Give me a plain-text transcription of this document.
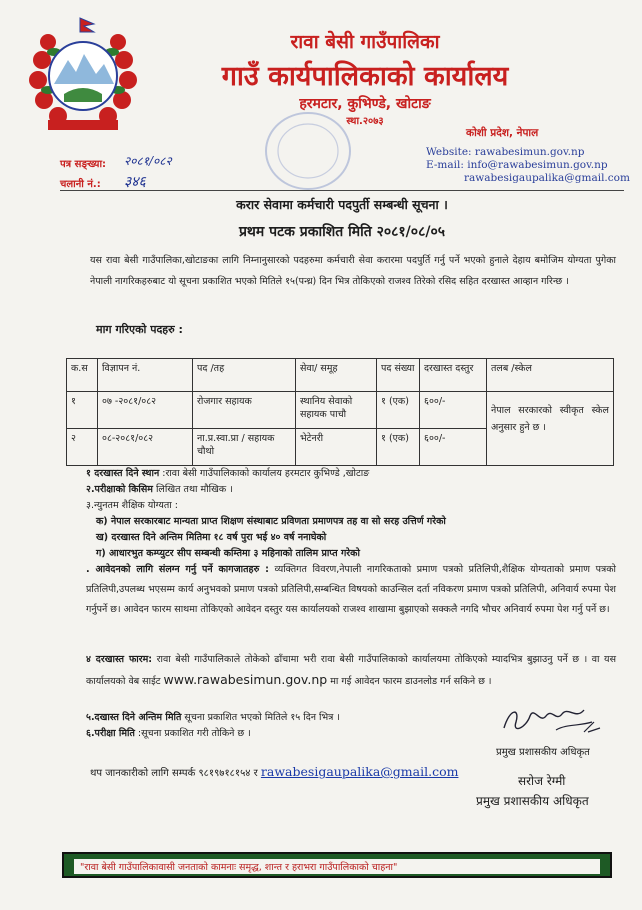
रावा बेसी गाउँपालिका
गाउँ कार्यपालिकाको कार्यालय
हरमटार, कुभिण्डे, खोटाङ
स्था.२०७३
कोशी प्रदेश, नेपाल
Website: rawabesimun.gov.np
E-mail: info@rawabesimun.gov.np
rawabesigaupalika@gmail.com
पत्र सङ्ख्या: २०८१/०८२
चलानी नं.: ३४६
करार सेवामा कर्मचारी पदपुर्ती सम्बन्धी सूचना ।
प्रथम पटक प्रकाशित मिति २०८१/०८/०५
यस रावा बेसी गाउँपालिका,खोटाङका लागि निम्नानुसारको पदहरुमा कर्मचारी सेवा करारमा पदपुर्ति गर्नु पर्ने भएको हुनाले देहाय बमोजिम योग्यता पुगेका नेपाली नागरिकहरुबाट यो सूचना प्रकाशित भएको मितिले १५(पन्ध्र) दिन भित्र तोकिएको राजश्व तिरेको रसिद सहित दरखास्त आव्हान गरिन्छ ।
माग गरिएको पदहरु :
क.स	विज्ञापन नं.	पद /तह	सेवा/ समूह	पद संख्या	दरखास्त दस्तुर	तलब /स्केल
१	०७ -२०८१/०८२	रोजगार सहायक	स्थानिय सेवाको सहायक पाचौ	१ (एक)	६००/-	नेपाल सरकारको स्वीकृत स्केल अनुसार हुने छ ।
२	०८-२०८१/०८२	ना.प्र.स्वा.प्रा / सहायक चौथो	भेटेनरी	१ (एक)	६००/-	
१ दरखास्त दिने स्थान :रावा बेसी गाउँपालिकाको कार्यालय हरमटार कुभिण्डे ,खोटाङ
२.परीक्षाको किसिम लिखित तथा मौखिक ।
३.न्युनतम शैक्षिक योग्यता :
क) नेपाल सरकारबाट मान्यता प्राप्त शिक्षण संस्थाबाट प्रविणता प्रमाणपत्र तह वा सो सरह उत्तिर्ण गरेको
ख) दरखास्त दिने अन्तिम मितिमा १८ वर्ष पुरा भई ४० वर्ष ननाघेको
ग) आधारभुत कम्प्युटर सीप सम्बन्धी कम्तिमा ३ महिनाको तालिम प्राप्त गरेको
. आवेदनको लागि संलग्न गर्नु पर्ने कागजातहरु : व्यक्तिगत विवरण,नेपाली नागरिकताको प्रमाण पत्रको प्रतिलिपी,शैक्षिक योग्यताको प्रमाण पत्रको प्रतिलिपी,उपलब्ध भएसम्म कार्य अनुभवको प्रमाण पत्रको प्रतिलिपी,सम्बन्धित विषयको काउन्सिल दर्ता नविकरण प्रमाण पत्रको प्रतिलिपी, अनिवार्य रुपमा पेश गर्नुपर्ने छ। आवेदन फारम साथमा तोकिएको आवेदन दस्तुर यस कार्यालयको राजश्व शाखामा बुझाएको सक्कलै नगदि भौचर अनिवार्य रुपमा पेश गर्नु पर्ने छ।
४ दरखास्त फारम: रावा बेसी गाउँपालिकाले तोकेको ढाँचामा भरी रावा बेसी गाउँपालिकाको कार्यालयमा तोकिएको म्यादभित्र बुझाउनु पर्ने छ । वा यस कार्यालयको वेब साईट www.rawabesimun.gov.np मा गई आवेदन फारम डाउनलोड गर्न सकिने छ ।
५.दखास्त दिने अन्तिम मिति सूचना प्रकाशित भएको मितिले १५ दिन भित्र ।
६.परीक्षा मिति :सूचना प्रकाशित गरी तोकिने छ ।
प्रमुख प्रशासकीय अधिकृत
थप जानकारीको लागि सम्पर्क ९८१९७१८१५४ र rawabesigaupalika@gmail.com
सरोज रेग्मी
प्रमुख प्रशासकीय अधिकृत
"रावा बेसी गाउँपालिकावासी जनताको कामनाः समृद्ध, शान्त र हराभरा गाउँपालिकाको चाहना"
